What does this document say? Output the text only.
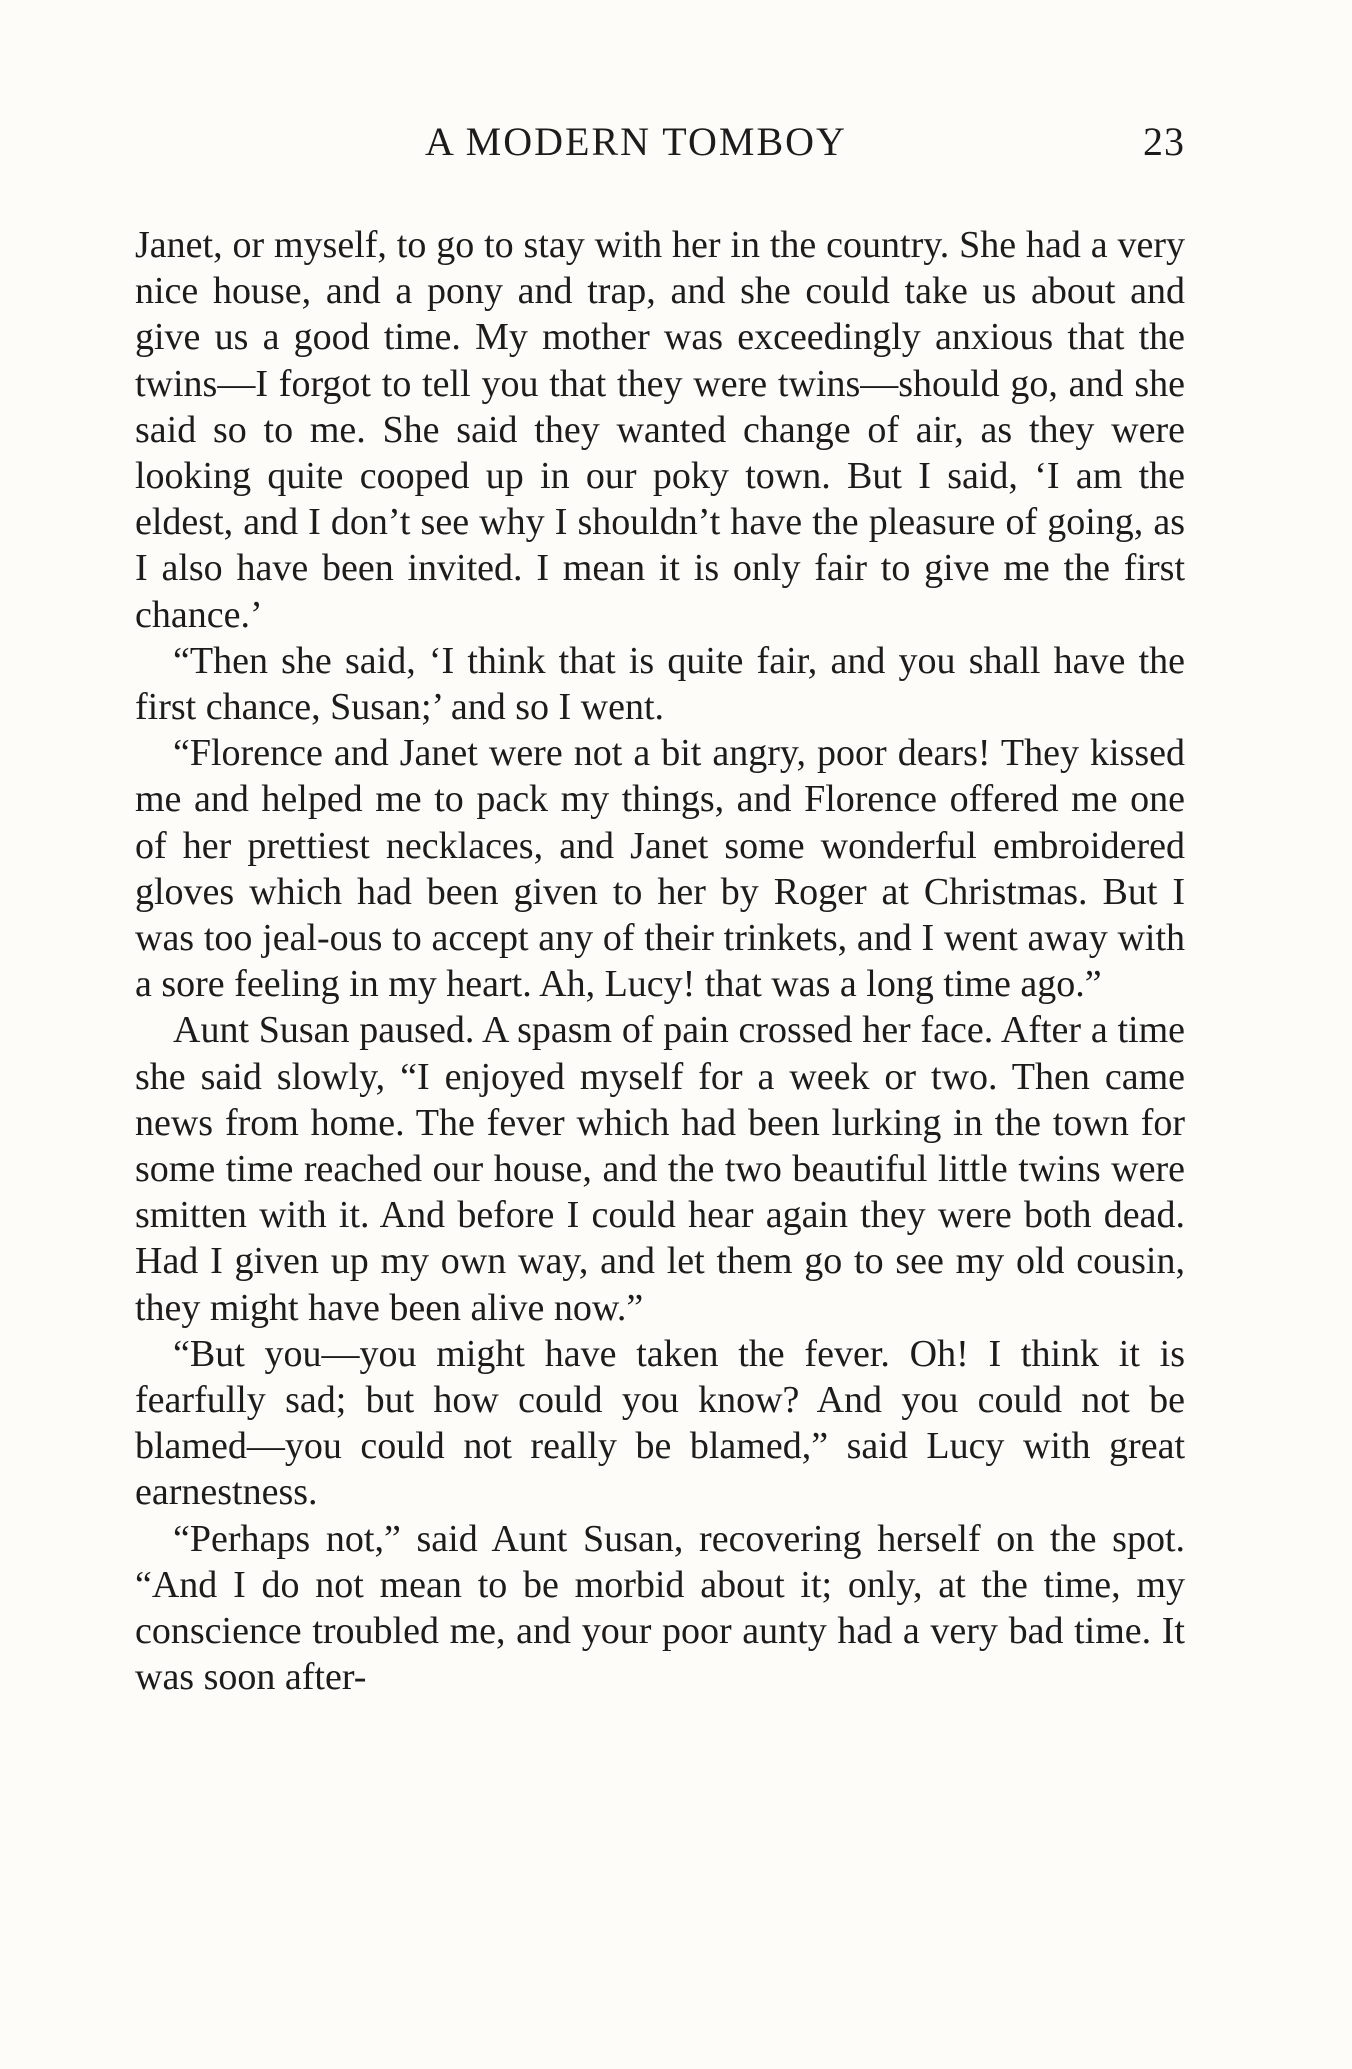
A MODERN TOMBOY	23

Janet, or myself, to go to stay with her in the country. She had a very nice house, and a pony and trap, and she could take us about and give us a good time. My mother was exceedingly anxious that the twins—I forgot to tell you that they were twins—should go, and she said so to me. She said they wanted change of air, as they were looking quite cooped up in our poky town. But I said, ‘I am the eldest, and I don’t see why I shouldn’t have the pleasure of going, as I also have been invited. I mean it is only fair to give me the first chance.’

“Then she said, ‘I think that is quite fair, and you shall have the first chance, Susan;’ and so I went.

“Florence and Janet were not a bit angry, poor dears! They kissed me and helped me to pack my things, and Florence offered me one of her prettiest necklaces, and Janet some wonderful embroidered gloves which had been given to her by Roger at Christmas. But I was too jeal-ous to accept any of their trinkets, and I went away with a sore feeling in my heart. Ah, Lucy! that was a long time ago.”

Aunt Susan paused. A spasm of pain crossed her face. After a time she said slowly, “I enjoyed myself for a week or two. Then came news from home. The fever which had been lurking in the town for some time reached our house, and the two beautiful little twins were smitten with it. And before I could hear again they were both dead. Had I given up my own way, and let them go to see my old cousin, they might have been alive now.”

“But you—you might have taken the fever. Oh! I think it is fearfully sad; but how could you know? And you could not be blamed—you could not really be blamed,” said Lucy with great earnestness.

“Perhaps not,” said Aunt Susan, recovering herself on the spot. “And I do not mean to be morbid about it; only, at the time, my conscience troubled me, and your poor aunty had a very bad time. It was soon after-
